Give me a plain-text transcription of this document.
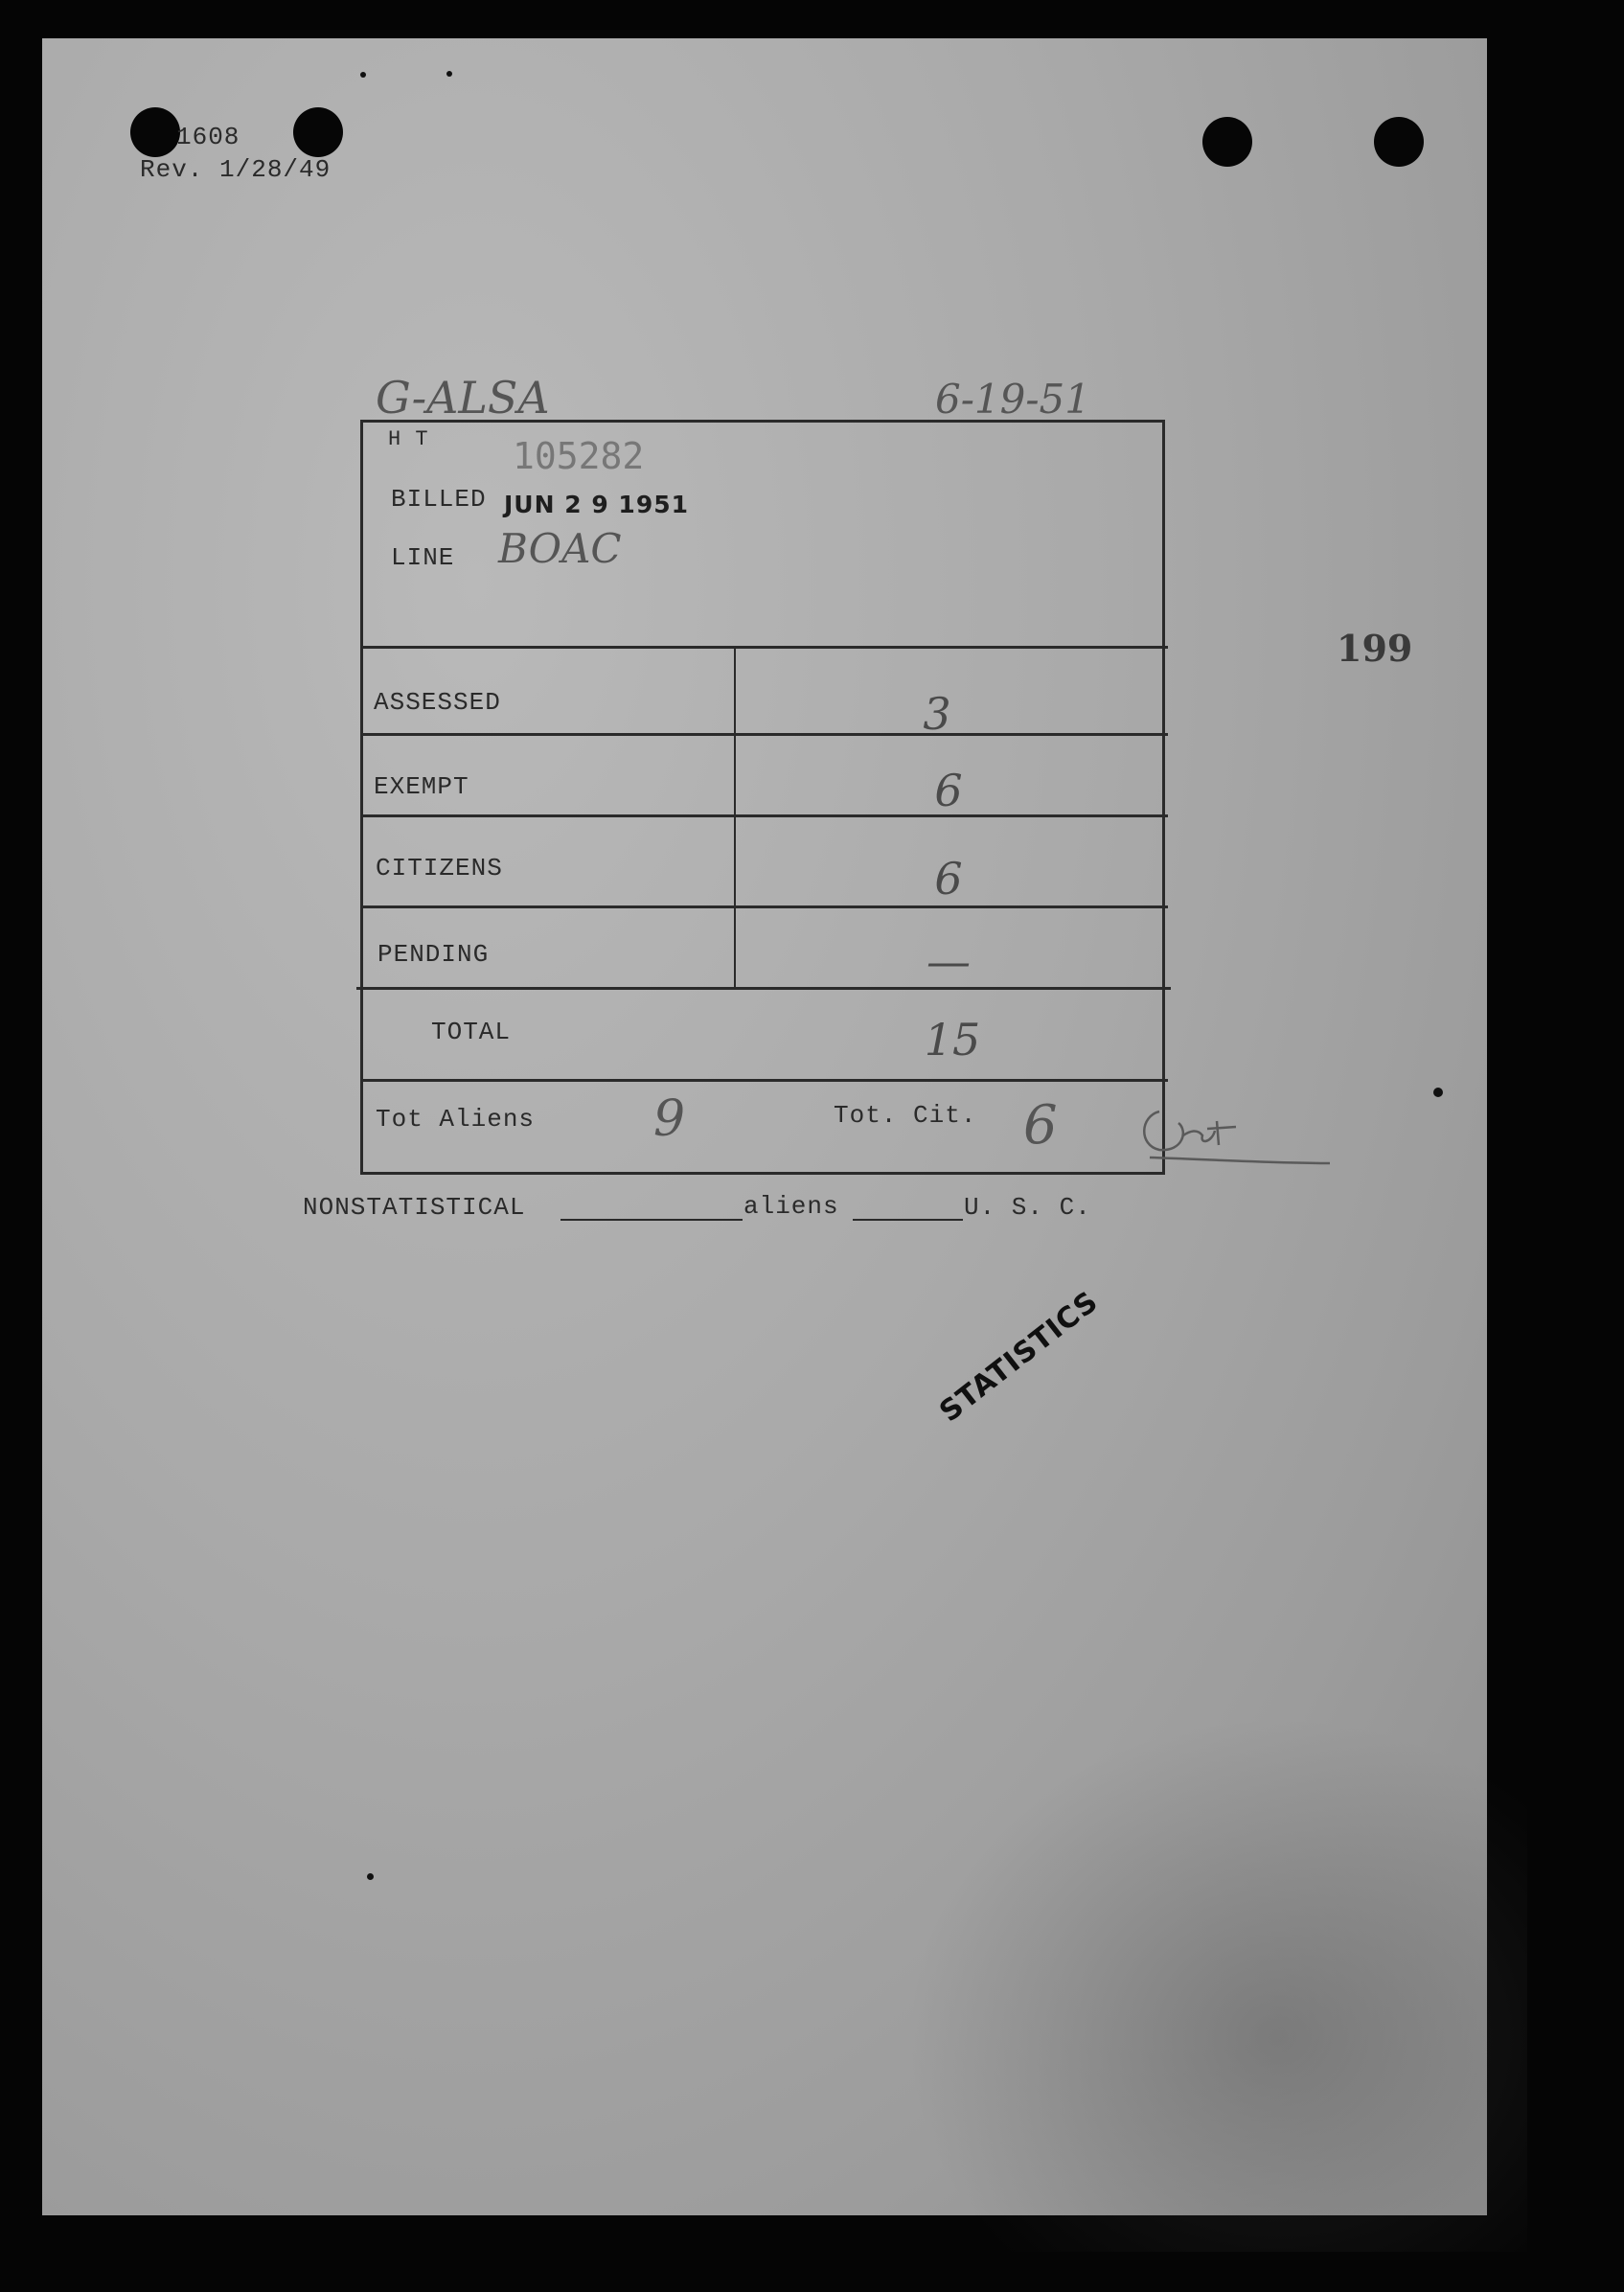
1608
Rev. 1/28/49
G-ALSA	6-19-51
199
H T 105282
BILLED JUN 2 9 1951
LINE BOAC
ASSESSED	3
EXEMPT	6
CITIZENS	6
PENDING	—
TOTAL	15
Tot Aliens 9	Tot. Cit. 6
NONSTATISTICAL	aliens	U. S. C.
STATISTICS
